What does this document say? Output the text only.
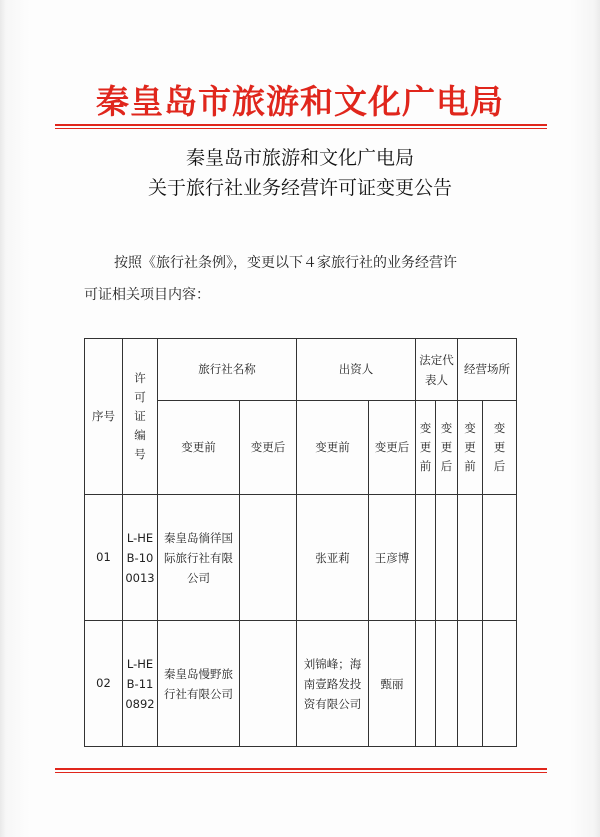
秦皇岛市旅游和文化广电局
秦皇岛市旅游和文化广电局
关于旅行社业务经营许可证变更公告
按照《旅行社条例》，变更以下４家旅行社的业务经营许
可证相关项目内容：
序号	许可证编号	旅行社名称		出资人		法定代表人		经营场所	
		变更前	变更后	变更前	变更后	变更前	变更后	变更前	变更后

01	L-HEB-100013	秦皇岛徜徉国际旅行社有限公司		张亚莉	王彦博				

02	L-HEB-110892	秦皇岛慢野旅行社有限公司		刘锦峰；海南壹路发投资有限公司	甄丽				
